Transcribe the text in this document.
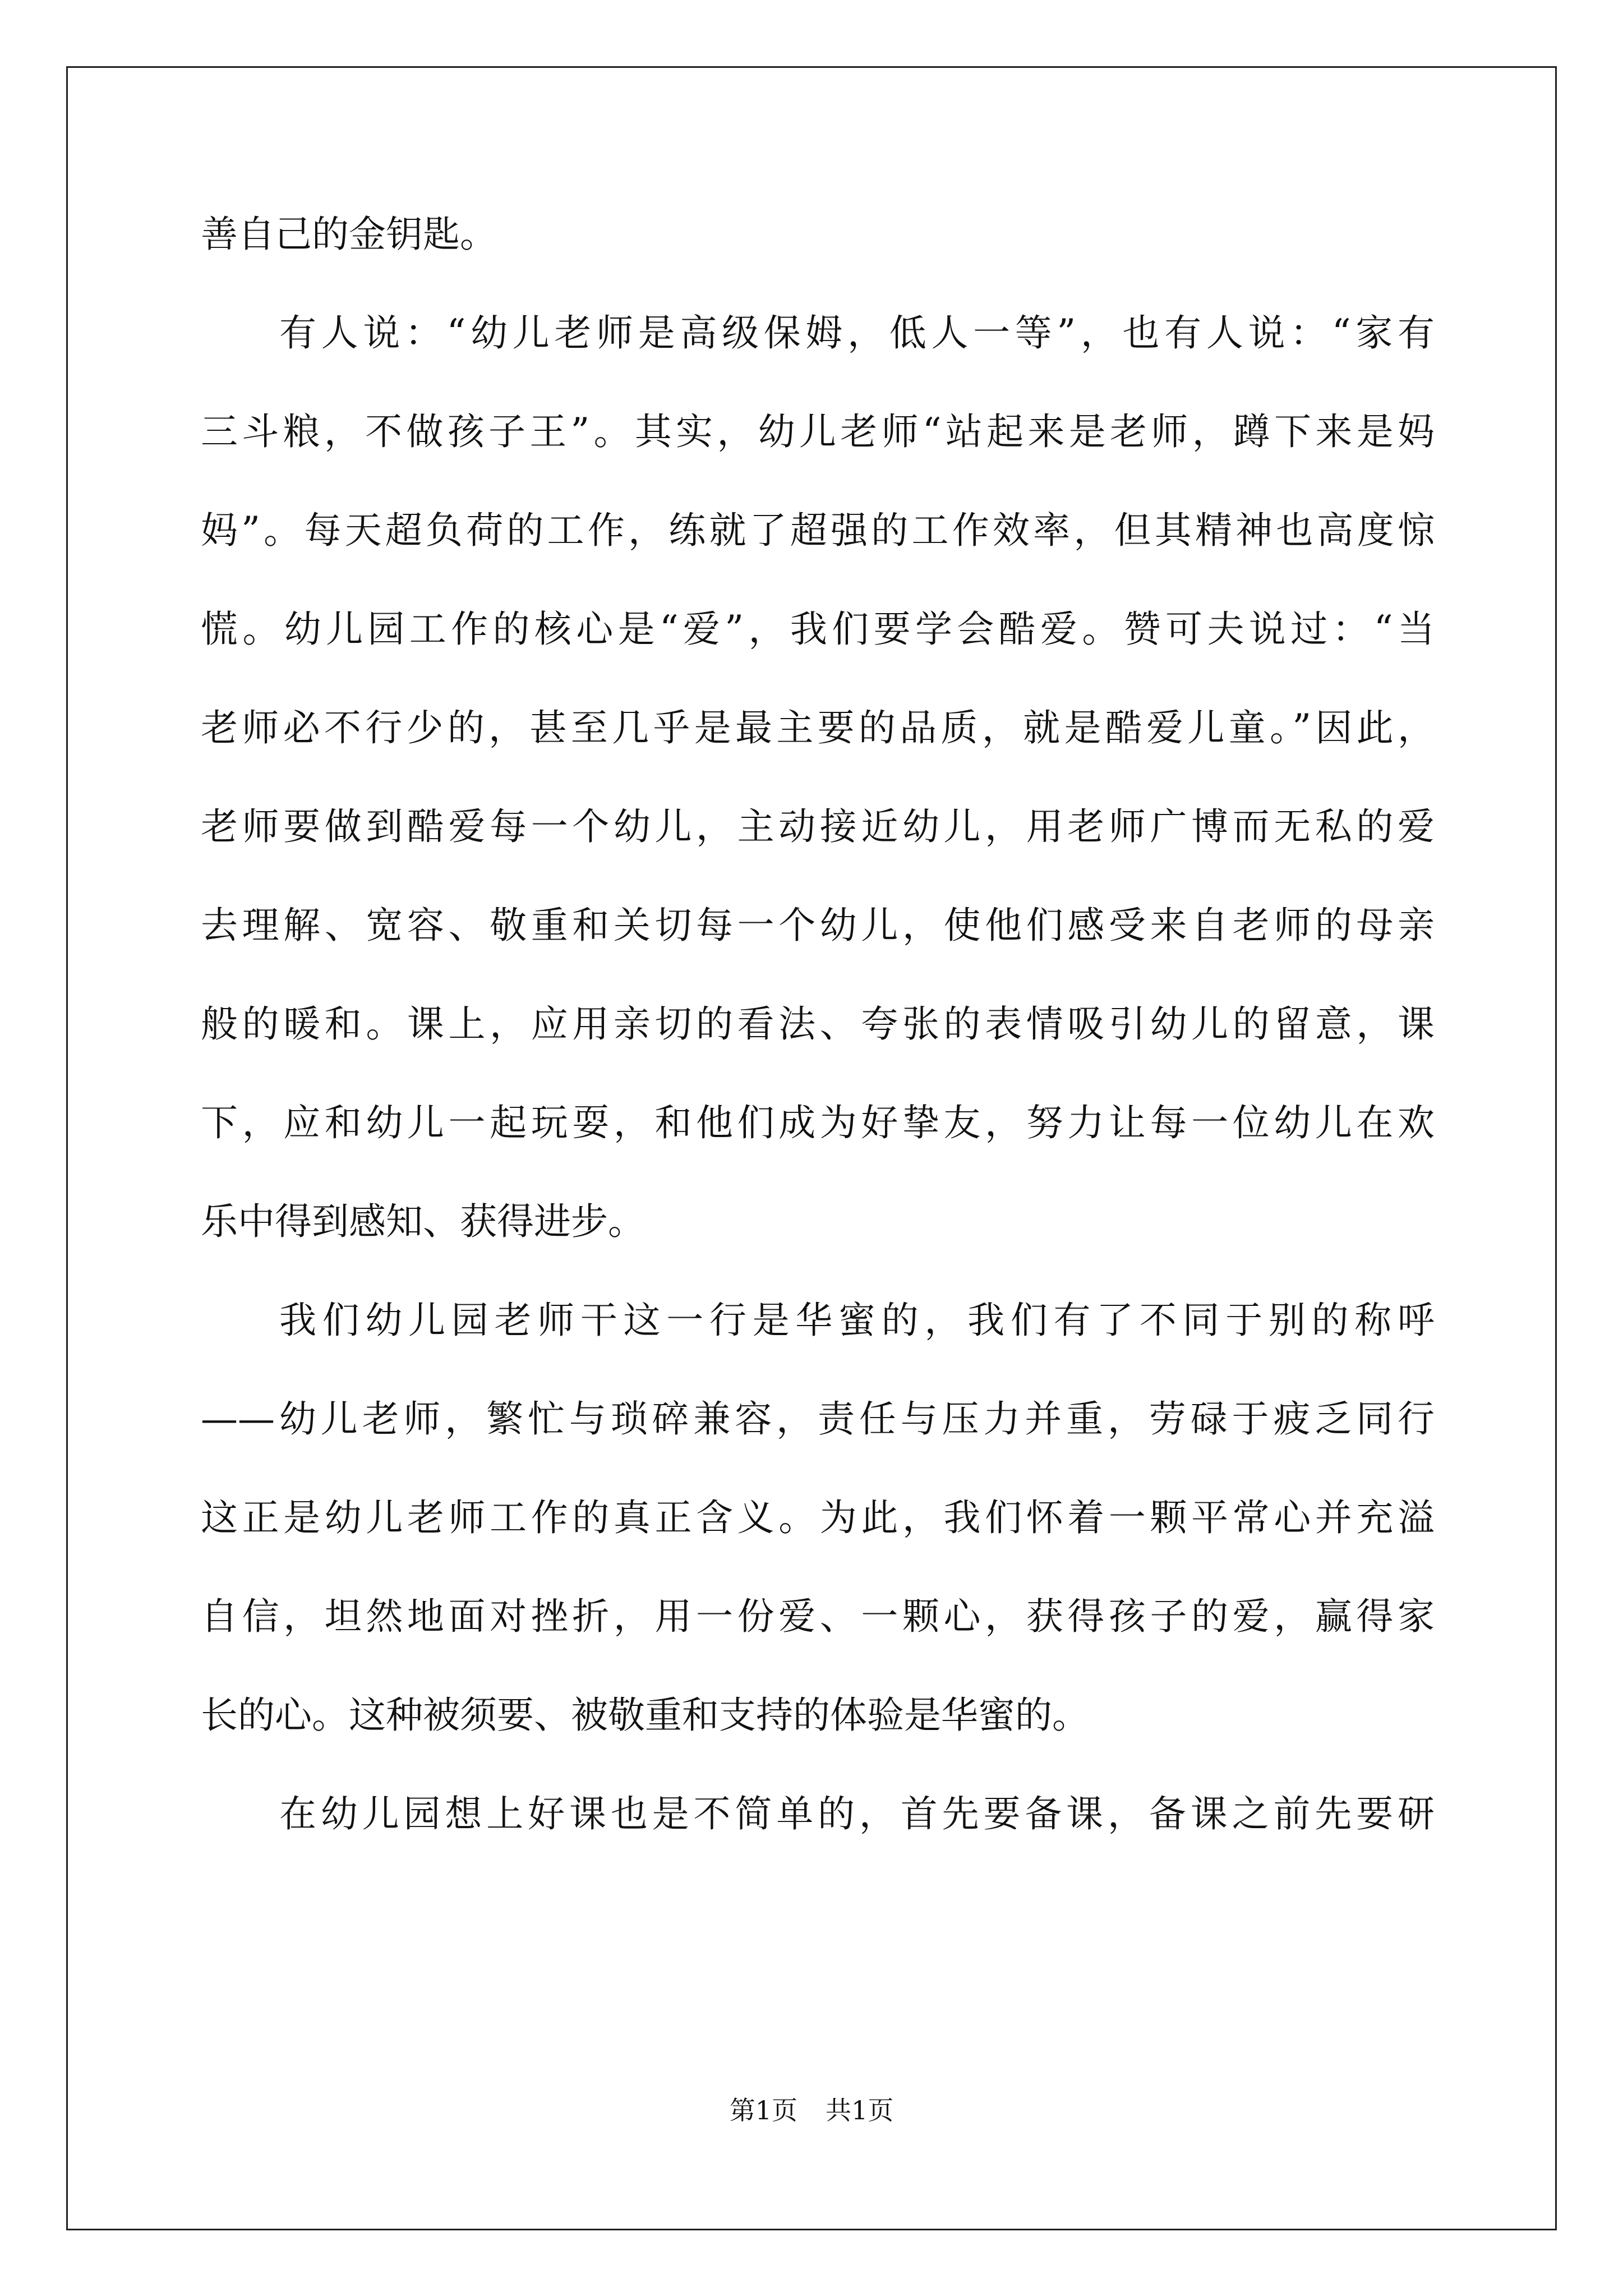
善自己的金钥匙。
有人说：“幼儿老师是高级保姆，低人一等”，也有人说：“家有
三斗粮，不做孩子王”。其实，幼儿老师“站起来是老师，蹲下来是妈
妈”。每天超负荷的工作，练就了超强的工作效率，但其精神也高度惊
慌。幼儿园工作的核心是“爱”，我们要学会酷爱。赞可夫说过：“当
老师必不行少的，甚至几乎是最主要的品质，就是酷爱儿童。”因此，
老师要做到酷爱每一个幼儿，主动接近幼儿，用老师广博而无私的爱
去理解、宽容、敬重和关切每一个幼儿，使他们感受来自老师的母亲
般的暖和。课上，应用亲切的看法、夸张的表情吸引幼儿的留意，课
下，应和幼儿一起玩耍，和他们成为好挚友，努力让每一位幼儿在欢
乐中得到感知、获得进步。
我们幼儿园老师干这一行是华蜜的，我们有了不同于别的称呼
——幼儿老师，繁忙与琐碎兼容，责任与压力并重，劳碌于疲乏同行
这正是幼儿老师工作的真正含义。为此，我们怀着一颗平常心并充溢
自信，坦然地面对挫折，用一份爱、一颗心，获得孩子的爱，赢得家
长的心。这种被须要、被敬重和支持的体验是华蜜的。
在幼儿园想上好课也是不简单的，首先要备课，备课之前先要研
第1页 共1页
